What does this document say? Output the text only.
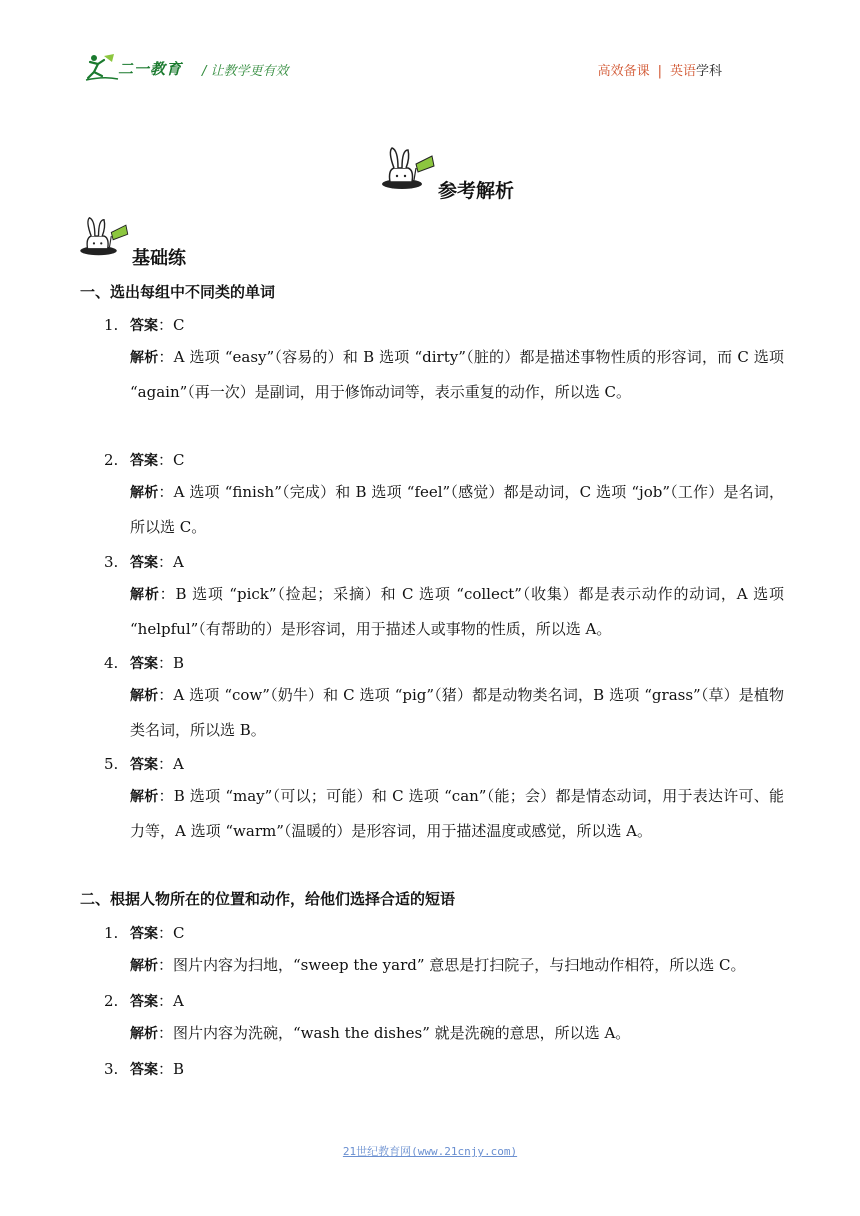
二一教育 / 让教学更有效	高效备课 | 英语学科
参考解析
基础练
一、选出每组中不同类的单词
1. 答案：C
解析：A 选项 “easy”（容易的）和 B 选项 “dirty”（脏的）都是描述事物性质的形容词，而 C 选项 “again”（再一次）是副词，用于修饰动词等，表示重复的动作，所以选 C。
2. 答案：C
解析：A 选项 “finish”（完成）和 B 选项 “feel”（感觉）都是动词，C 选项 “job”（工作）是名词，所以选 C。
3. 答案：A
解析：B 选项 “pick”（捡起；采摘）和 C 选项 “collect”（收集）都是表示动作的动词，A 选项 “helpful”（有帮助的）是形容词，用于描述人或事物的性质，所以选 A。
4. 答案：B
解析：A 选项 “cow”（奶牛）和 C 选项 “pig”（猪）都是动物类名词，B 选项 “grass”（草）是植物类名词，所以选 B。
5. 答案：A
解析：B 选项 “may”（可以；可能）和 C 选项 “can”（能；会）都是情态动词，用于表达许可、能力等，A 选项 “warm”（温暖的）是形容词，用于描述温度或感觉，所以选 A。
二、根据人物所在的位置和动作，给他们选择合适的短语
1. 答案：C
解析：图片内容为扫地，“sweep the yard” 意思是打扫院子，与扫地动作相符，所以选 C。
2. 答案：A
解析：图片内容为洗碗，“wash the dishes” 就是洗碗的意思，所以选 A。
3. 答案：B
21世纪教育网(www.21cnjy.com)
